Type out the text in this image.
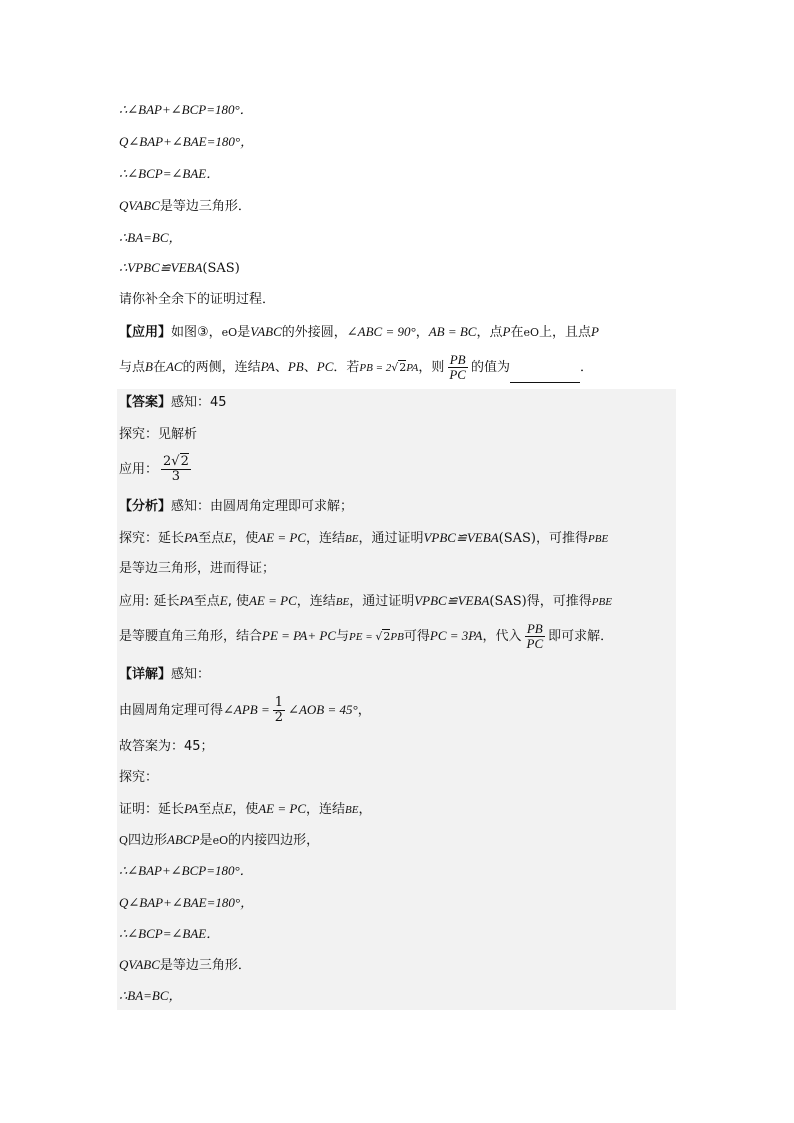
∴∠BAP+∠BCP=180°．
Q∠BAP+∠BAE=180°，
∴∠BCP=∠BAE．
QVABC是等边三角形．
∴BA=BC，
∴VPBC≌VEBA(SAS)
请你补全余下的证明过程．
【应用】如图③，eO是VABC的外接圆，∠ABC = 90°，AB = BC，点P在eO上，且点P
与点B在AC的两侧，连结PA、PB、PC．若PB = 2√2PA，则 $\frac{PB}{PC}$ 的值为	．
【答案】感知：45
探究：见解析
应用： $\frac{2√2}{3}$
【分析】感知：由圆周角定理即可求解；
探究：延长PA至点E，使AE = PC，连结BE，通过证明VPBC≌VEBA(SAS)，可推得PBE
是等边三角形，进而得证；
应用: 延长PA至点E, 使AE = PC，连结BE，通过证明VPBC≌VEBA(SAS)得，可推得PBE
是等腰直角三角形，结合PE = PA+ PC与PE = √2PB可得PC = 3PA，代入 $\frac{PB}{PC}$ 即可求解．
【详解】感知：
由圆周角定理可得∠APB = $\frac{1}{2}$ ∠AOB = 45°，
故答案为：45；
探究：
证明：延长PA至点E，使AE = PC，连结BE，
Q四边形ABCP是eO的内接四边形，
∴∠BAP+∠BCP=180°．
Q∠BAP+∠BAE=180°，
∴∠BCP=∠BAE．
QVABC是等边三角形．
∴BA=BC，
